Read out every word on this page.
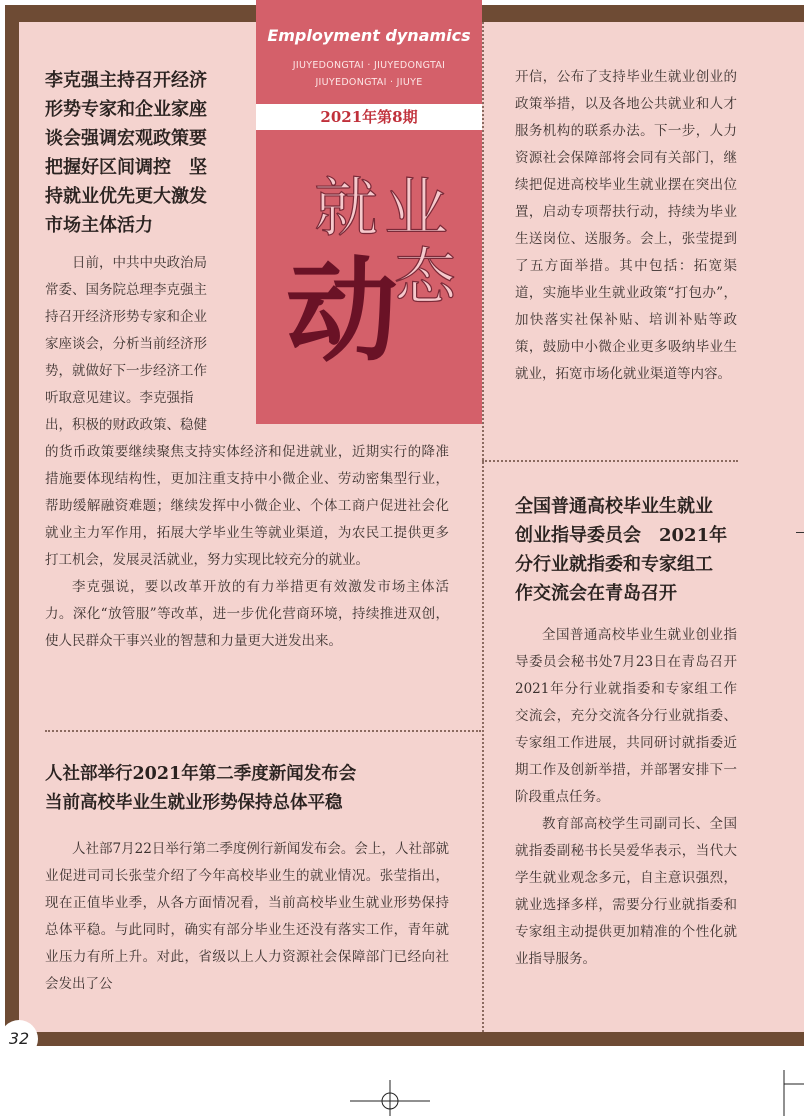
李克强主持召开经济
形势专家和企业家座
谈会强调宏观政策要
把握好区间调控　坚
持就业优先更大激发
市场主体活力
日前，中共中央政治局
常委、国务院总理李克强主
持召开经济形势专家和企业
家座谈会，分析当前经济形
势，就做好下一步经济工作
听取意见建议。李克强指
出，积极的财政政策、稳健

的货币政策要继续聚焦支持实体经济和促进就业，近期实行的降准措施要体现结构性，更加注重支持中小微企业、劳动密集型行业，帮助缓解融资难题；继续发挥中小微企业、个体工商户促进社会化就业主力军作用，拓展大学毕业生等就业渠道，为农民工提供更多打工机会，发展灵活就业，努力实现比较充分的就业。

李克强说，要以改革开放的有力举措更有效激发市场主体活力。深化“放管服”等改革，进一步优化营商环境，持续推进双创，使人民群众干事兴业的智慧和力量更大迸发出来。

人社部举行2021年第二季度新闻发布会
当前高校毕业生就业形势保持总体平稳

人社部7月22日举行第二季度例行新闻发布会。会上，人社部就业促进司司长张莹介绍了今年高校毕业生的就业情况。张莹指出，现在正值毕业季，从各方面情况看，当前高校毕业生就业形势保持总体平稳。与此同时，确实有部分毕业生还没有落实工作，青年就业压力有所上升。对此，省级以上人力资源社会保障部门已经向社会发出了公

开信，公布了支持毕业生就业创业的政策举措，以及各地公共就业和人才服务机构的联系办法。下一步，人力资源社会保障部将会同有关部门，继续把促进高校毕业生就业摆在突出位置，启动专项帮扶行动，持续为毕业生送岗位、送服务。会上，张莹提到了五方面举措。其中包括：拓宽渠道，实施毕业生就业政策“打包办”，加快落实社保补贴、培训补贴等政策，鼓励中小微企业更多吸纳毕业生就业，拓宽市场化就业渠道等内容。

全国普通高校毕业生就业
创业指导委员会　2021年
分行业就指委和专家组工
作交流会在青岛召开

全国普通高校毕业生就业创业指导委员会秘书处7月23日在青岛召开2021年分行业就指委和专家组工作交流会，充分交流各分行业就指委、专家组工作进展，共同研讨就指委近期工作及创新举措，并部署安排下一阶段重点任务。

教育部高校学生司副司长、全国就指委副秘书长吴爱华表示，当代大学生就业观念多元，自主意识强烈，就业选择多样，需要分行业就指委和专家组主动提供更加精准的个性化就业指导服务。

Employment dynamics
JIUYEDONGTAI · JIUYEDONGTAI
JIUYEDONGTAI · JIUYE
2021年第8期
就 业
动
态
32
